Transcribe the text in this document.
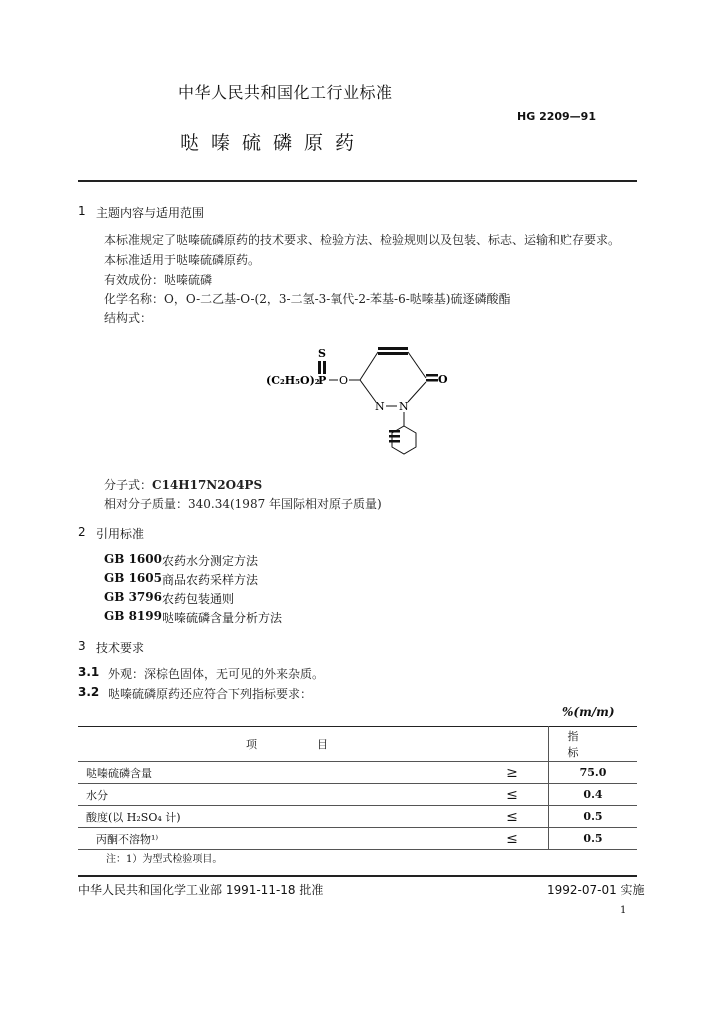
中华人民共和国化工行业标准
HG 2209—91
哒嗪硫磷原药
1 主题内容与适用范围
本标准规定了哒嗪硫磷原药的技术要求、检验方法、检验规则以及包装、标志、运输和贮存要求。
本标准适用于哒嗪硫磷原药。
有效成份：哒嗪硫磷
化学名称：O，O-二乙基-O-(2，3-二氢-3-氧代-2-苯基-6-哒嗪基)硫逐磷酸酯
结构式：
S
(C₂H₅O)₂
P O	O
N N
分子式：C14H17N2O4PS
相对分子质量：340.34(1987 年国际相对原子质量)
2 引用标准
GB 1600 农药水分测定方法
GB 1605 商品农药采样方法
GB 3796 农药包装通则
GB 8199 哒嗪硫磷含量分析方法
3 技术要求
3.1 外观：深棕色固体，无可见的外来杂质。
3.2 哒嗪硫磷原药还应符合下列指标要求：
%(m/m)
项目		指标
哒嗪硫磷含量	≥	75.0
水分	≤	0.4
酸度(以 H₂SO₄ 计)	≤	0.5
丙酮不溶物¹⁾	≤	0.5
注：1）为型式检验项目。
中华人民共和国化学工业部 1991-11-18 批准	1992-07-01 实施
1
